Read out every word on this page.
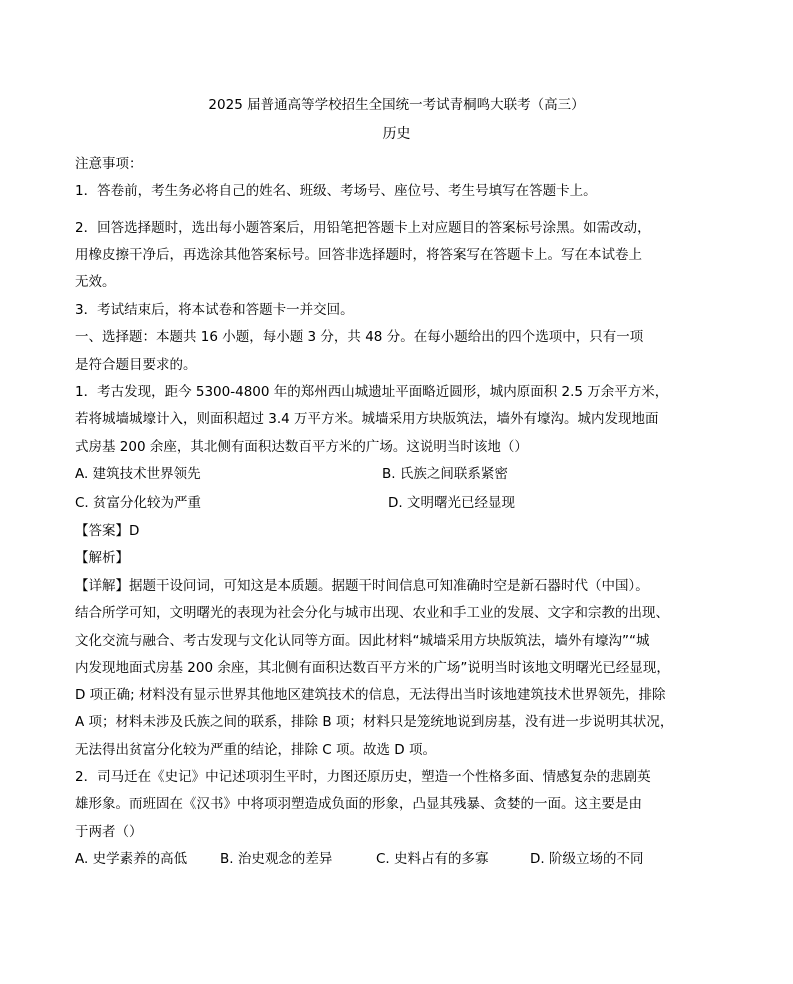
2025 届普通高等学校招生全国统一考试青桐鸣大联考（高三）
历史
注意事项：
1．答卷前，考生务必将自己的姓名、班级、考场号、座位号、考生号填写在答题卡上。
2．回答选择题时，选出每小题答案后，用铅笔把答题卡上对应题目的答案标号涂黑。如需改动，
用橡皮擦干净后，再选涂其他答案标号。回答非选择题时，将答案写在答题卡上。写在本试卷上
无效。
3．考试结束后，将本试卷和答题卡一并交回。
一、选择题：本题共 16 小题，每小题 3 分，共 48 分。在每小题给出的四个选项中，只有一项
是符合题目要求的。
1．考古发现，距今 5300-4800 年的郑州西山城遗址平面略近圆形，城内原面积 2.5 万余平方米，
若将城墙城壕计入，则面积超过 3.4 万平方米。城墙采用方块版筑法，墙外有壕沟。城内发现地面
式房基 200 余座，其北侧有面积达数百平方米的广场。这说明当时该地（）
A. 建筑技术世界领先	B. 氏族之间联系紧密
C. 贫富分化较为严重	D. 文明曙光已经显现
【答案】D
【解析】
【详解】据题干设问词，可知这是本质题。据题干时间信息可知准确时空是新石器时代（中国）。
结合所学可知，文明曙光的表现为社会分化与城市出现、农业和手工业的发展、文字和宗教的出现、
文化交流与融合、考古发现与文化认同等方面。因此材料“城墙采用方块版筑法，墙外有壕沟”“城
内发现地面式房基 200 余座，其北侧有面积达数百平方米的广场”说明当时该地文明曙光已经显现，
D 项正确; 材料没有显示世界其他地区建筑技术的信息，无法得出当时该地建筑技术世界领先，排除
A 项；材料未涉及氏族之间的联系，排除 B 项；材料只是笼统地说到房基，没有进一步说明其状况，
无法得出贫富分化较为严重的结论，排除 C 项。故选 D 项。
2．司马迁在《史记》中记述项羽生平时，力图还原历史，塑造一个性格多面、情感复杂的悲剧英
雄形象。而班固在《汉书》中将项羽塑造成负面的形象，凸显其残暴、贪婪的一面。这主要是由
于两者（）
A. 史学素养的高低 B. 治史观念的差异	C. 史料占有的多寡	D. 阶级立场的不同
